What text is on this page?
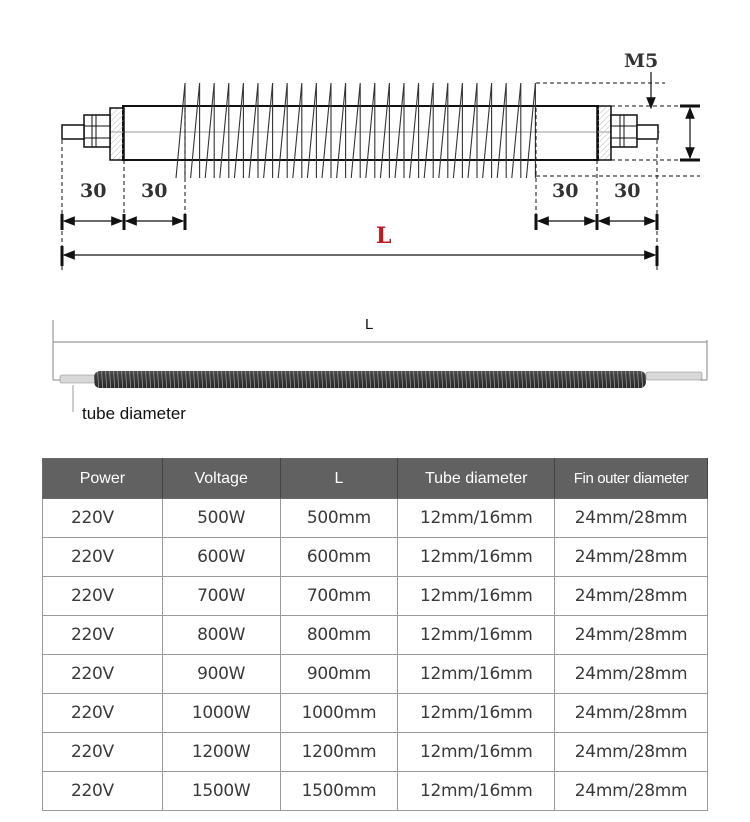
M5
30 30	30 30
L
L
tube diameter
Power	Voltage	L	Tube diameter	Fin outer diameter
220V	500W	500mm	12mm/16mm	24mm/28mm
220V	600W	600mm	12mm/16mm	24mm/28mm
220V	700W	700mm	12mm/16mm	24mm/28mm
220V	800W	800mm	12mm/16mm	24mm/28mm
220V	900W	900mm	12mm/16mm	24mm/28mm
220V	1000W	1000mm	12mm/16mm	24mm/28mm
220V	1200W	1200mm	12mm/16mm	24mm/28mm
220V	1500W	1500mm	12mm/16mm	24mm/28mm
